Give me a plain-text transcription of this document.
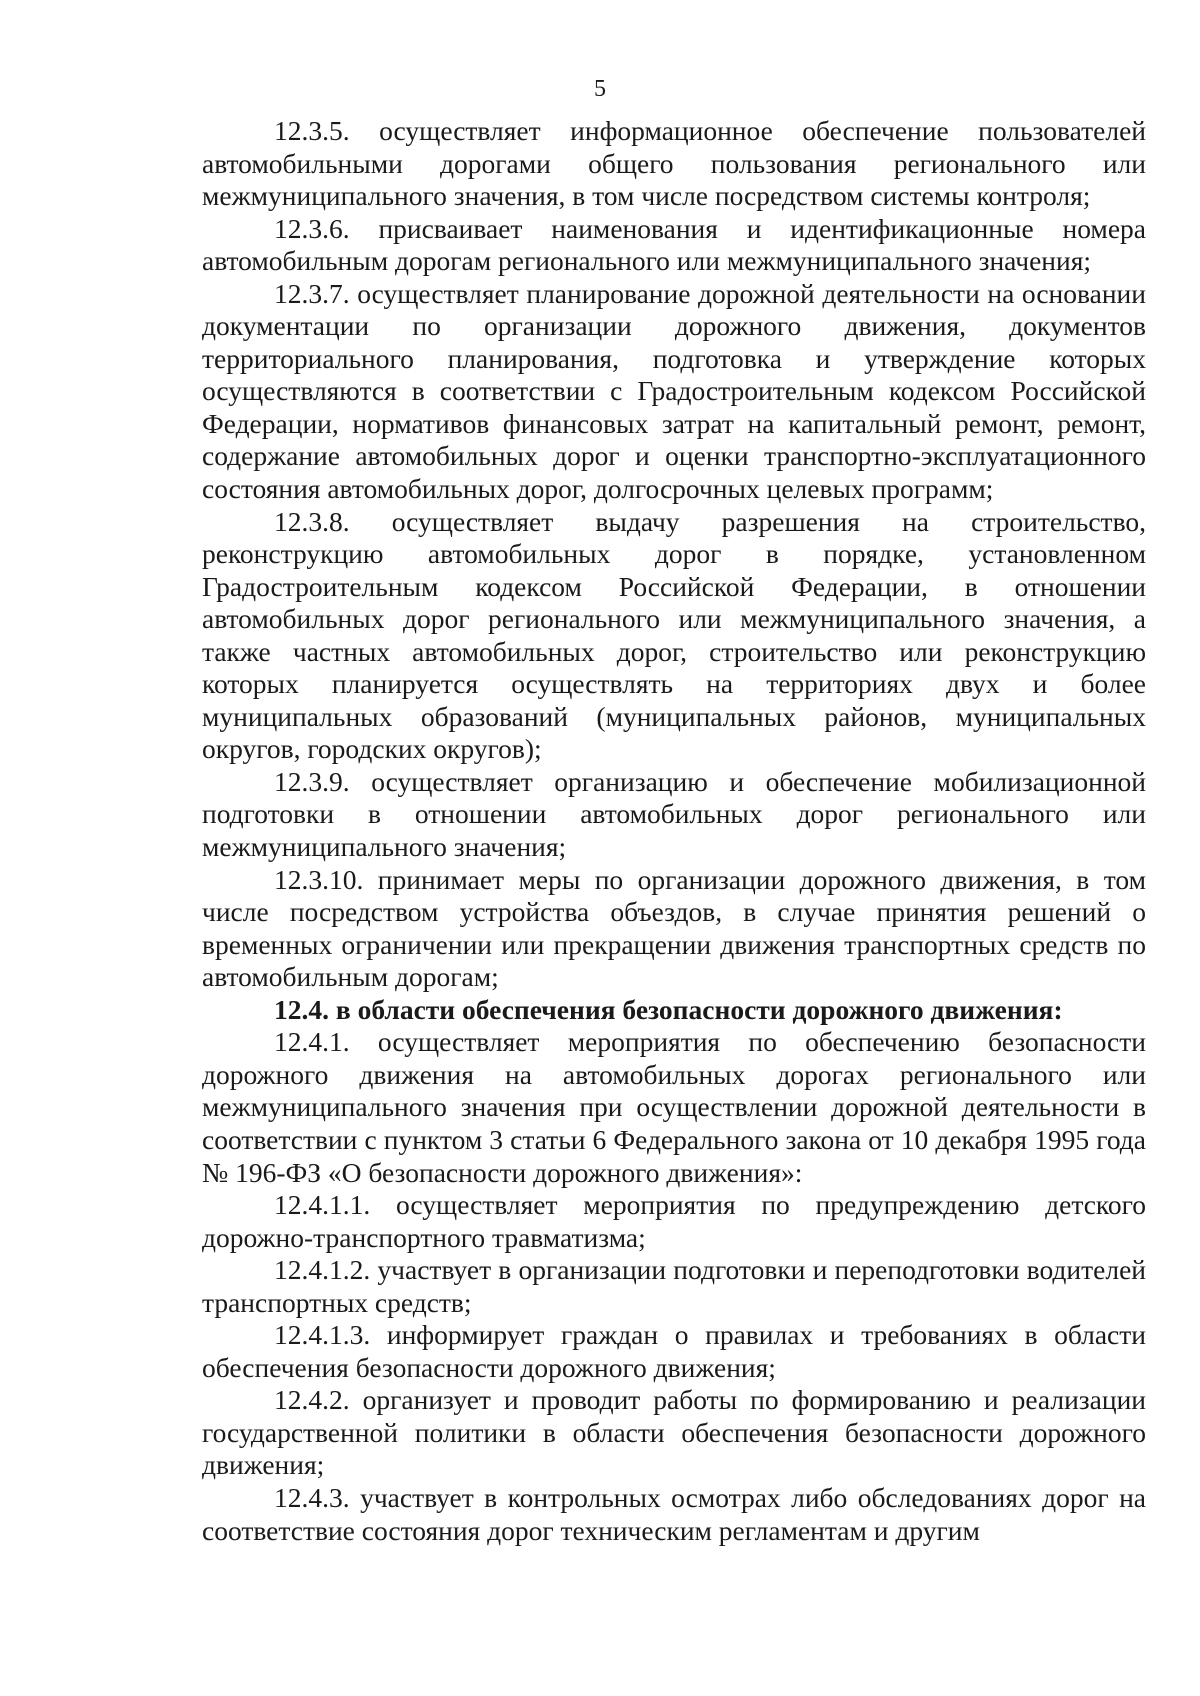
5

12.3.5. осуществляет информационное обеспечение пользователей автомобильными дорогами общего пользования регионального или межмуниципального значения, в том числе посредством системы контроля;

12.3.6. присваивает наименования и идентификационные номера автомобильным дорогам регионального или межмуниципального значения;

12.3.7. осуществляет планирование дорожной деятельности на основании документации по организации дорожного движения, документов территориального планирования, подготовка и утверждение которых осуществляются в соответствии с Градостроительным кодексом Российской Федерации, нормативов финансовых затрат на капитальный ремонт, ремонт, содержание автомобильных дорог и оценки транспортно-эксплуатационного состояния автомобильных дорог, долгосрочных целевых программ;

12.3.8. осуществляет выдачу разрешения на строительство, реконструкцию автомобильных дорог в порядке, установленном Градостроительным кодексом Российской Федерации, в отношении автомобильных дорог регионального или межмуниципального значения, а также частных автомобильных дорог, строительство или реконструкцию которых планируется осуществлять на территориях двух и более муниципальных образований (муниципальных районов, муниципальных округов, городских округов);

12.3.9. осуществляет организацию и обеспечение мобилизационной подготовки в отношении автомобильных дорог регионального или межмуниципального значения;

12.3.10. принимает меры по организации дорожного движения, в том числе посредством устройства объездов, в случае принятия решений о временных ограничении или прекращении движения транспортных средств по автомобильным дорогам;

12.4. в области обеспечения безопасности дорожного движения:

12.4.1. осуществляет мероприятия по обеспечению безопасности дорожного движения на автомобильных дорогах регионального или межмуниципального значения при осуществлении дорожной деятельности в соответствии с пунктом 3 статьи 6 Федерального закона от 10 декабря 1995 года № 196-ФЗ «О безопасности дорожного движения»:

12.4.1.1. осуществляет мероприятия по предупреждению детского дорожно-транспортного травматизма;

12.4.1.2. участвует в организации подготовки и переподготовки водителей транспортных средств;

12.4.1.3. информирует граждан о правилах и требованиях в области обеспечения безопасности дорожного движения;

12.4.2. организует и проводит работы по формированию и реализации государственной политики в области обеспечения безопасности дорожного движения;

12.4.3. участвует в контрольных осмотрах либо обследованиях дорог на соответствие состояния дорог техническим регламентам и другим
